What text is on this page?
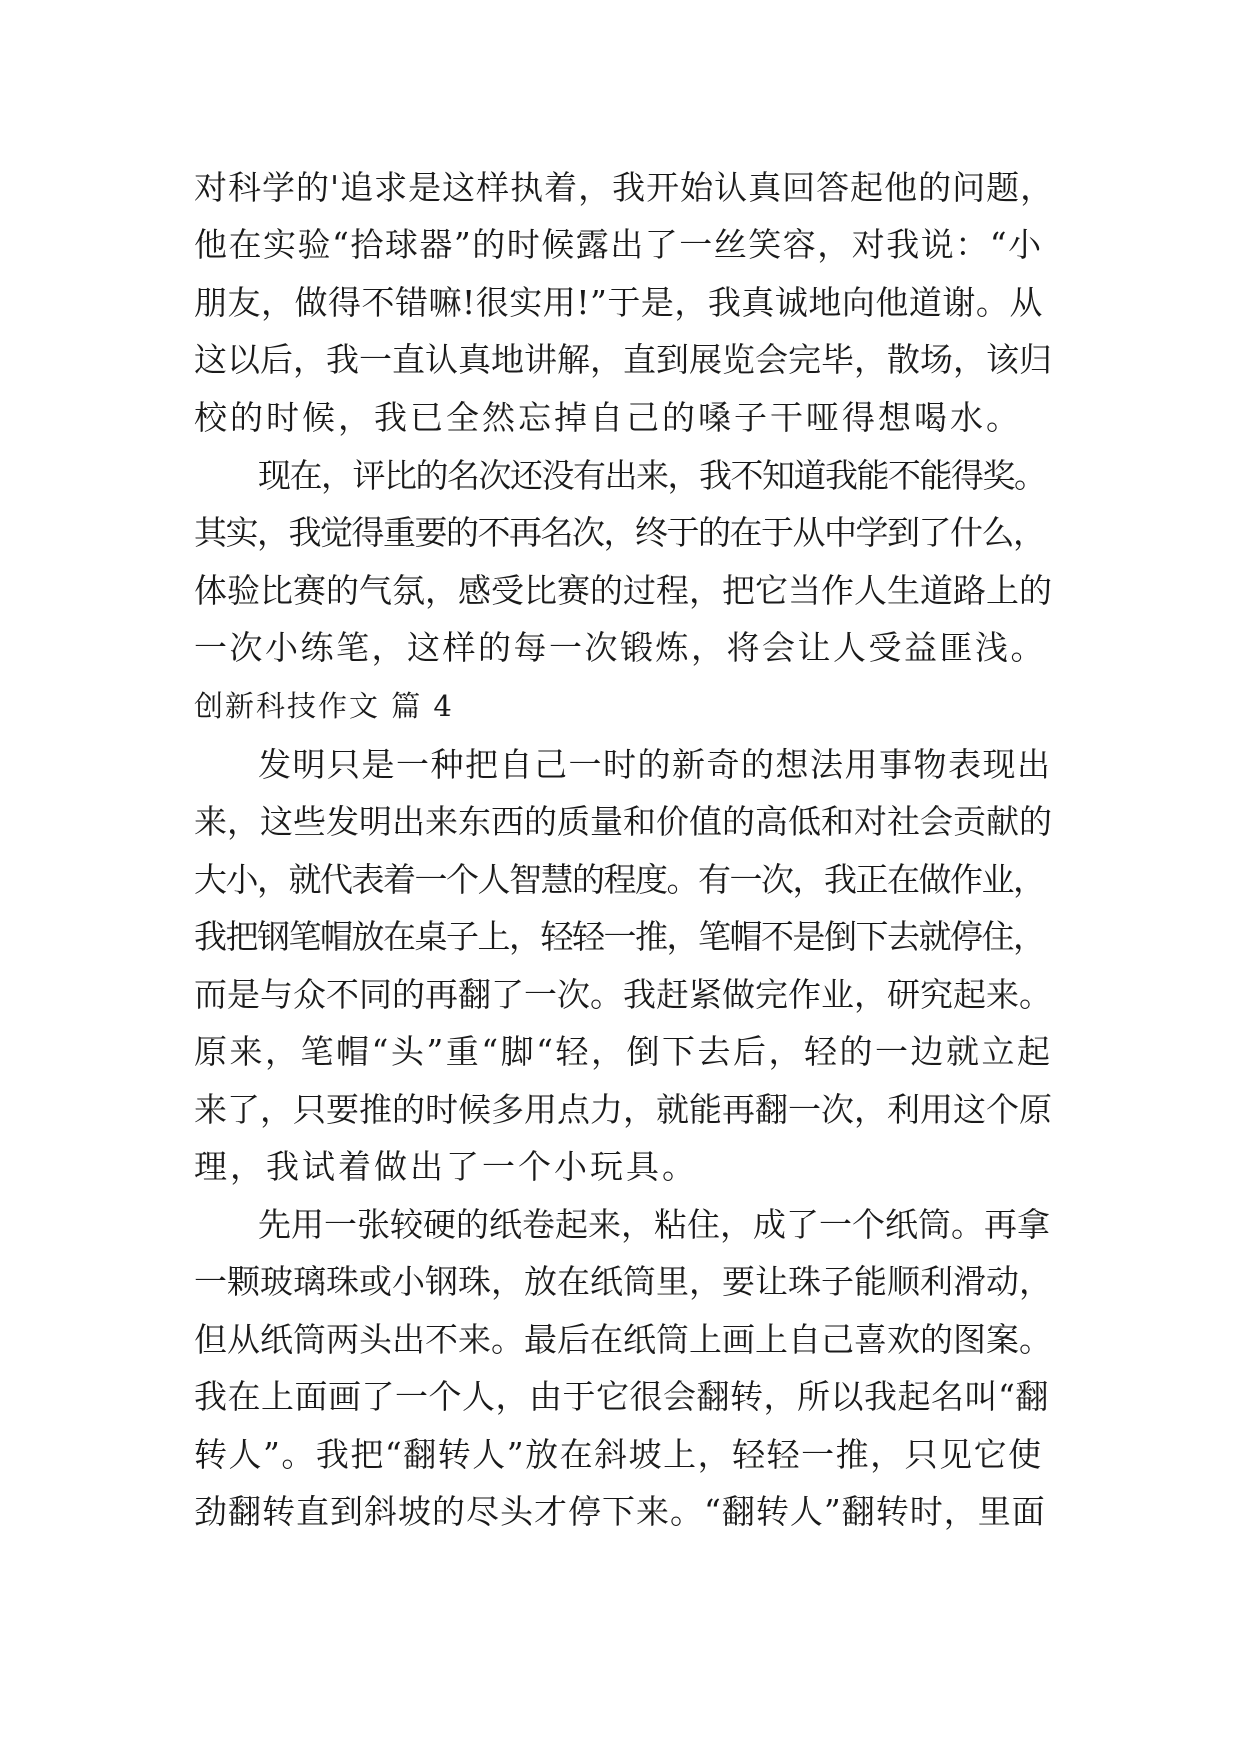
对科学的'追求是这样执着，我开始认真回答起他的问题，
他在实验“拾球器”的时候露出了一丝笑容，对我说：“小
朋友，做得不错嘛!很实用!”于是，我真诚地向他道谢。从
这以后，我一直认真地讲解，直到展览会完毕，散场，该归
校的时候，我已全然忘掉自己的嗓子干哑得想喝水。
现在，评比的名次还没有出来，我不知道我能不能得奖。
其实，我觉得重要的不再名次，终于的在于从中学到了什么，
体验比赛的气氛，感受比赛的过程，把它当作人生道路上的
一次小练笔，这样的每一次锻炼，将会让人受益匪浅。
创新科技作文 篇 4
发明只是一种把自己一时的新奇的想法用事物表现出
来，这些发明出来东西的质量和价值的高低和对社会贡献的
大小，就代表着一个人智慧的程度。有一次，我正在做作业，
我把钢笔帽放在桌子上，轻轻一推，笔帽不是倒下去就停住，
而是与众不同的再翻了一次。我赶紧做完作业，研究起来。
原来，笔帽“头”重“脚“轻，倒下去后，轻的一边就立起
来了，只要推的时候多用点力，就能再翻一次，利用这个原
理，我试着做出了一个小玩具。
先用一张较硬的纸卷起来，粘住，成了一个纸筒。再拿
一颗玻璃珠或小钢珠，放在纸筒里，要让珠子能顺利滑动，
但从纸筒两头出不来。最后在纸筒上画上自己喜欢的图案。
我在上面画了一个人，由于它很会翻转，所以我起名叫“翻
转人”。我把“翻转人”放在斜坡上，轻轻一推，只见它使
劲翻转直到斜坡的尽头才停下来。“翻转人”翻转时，里面
